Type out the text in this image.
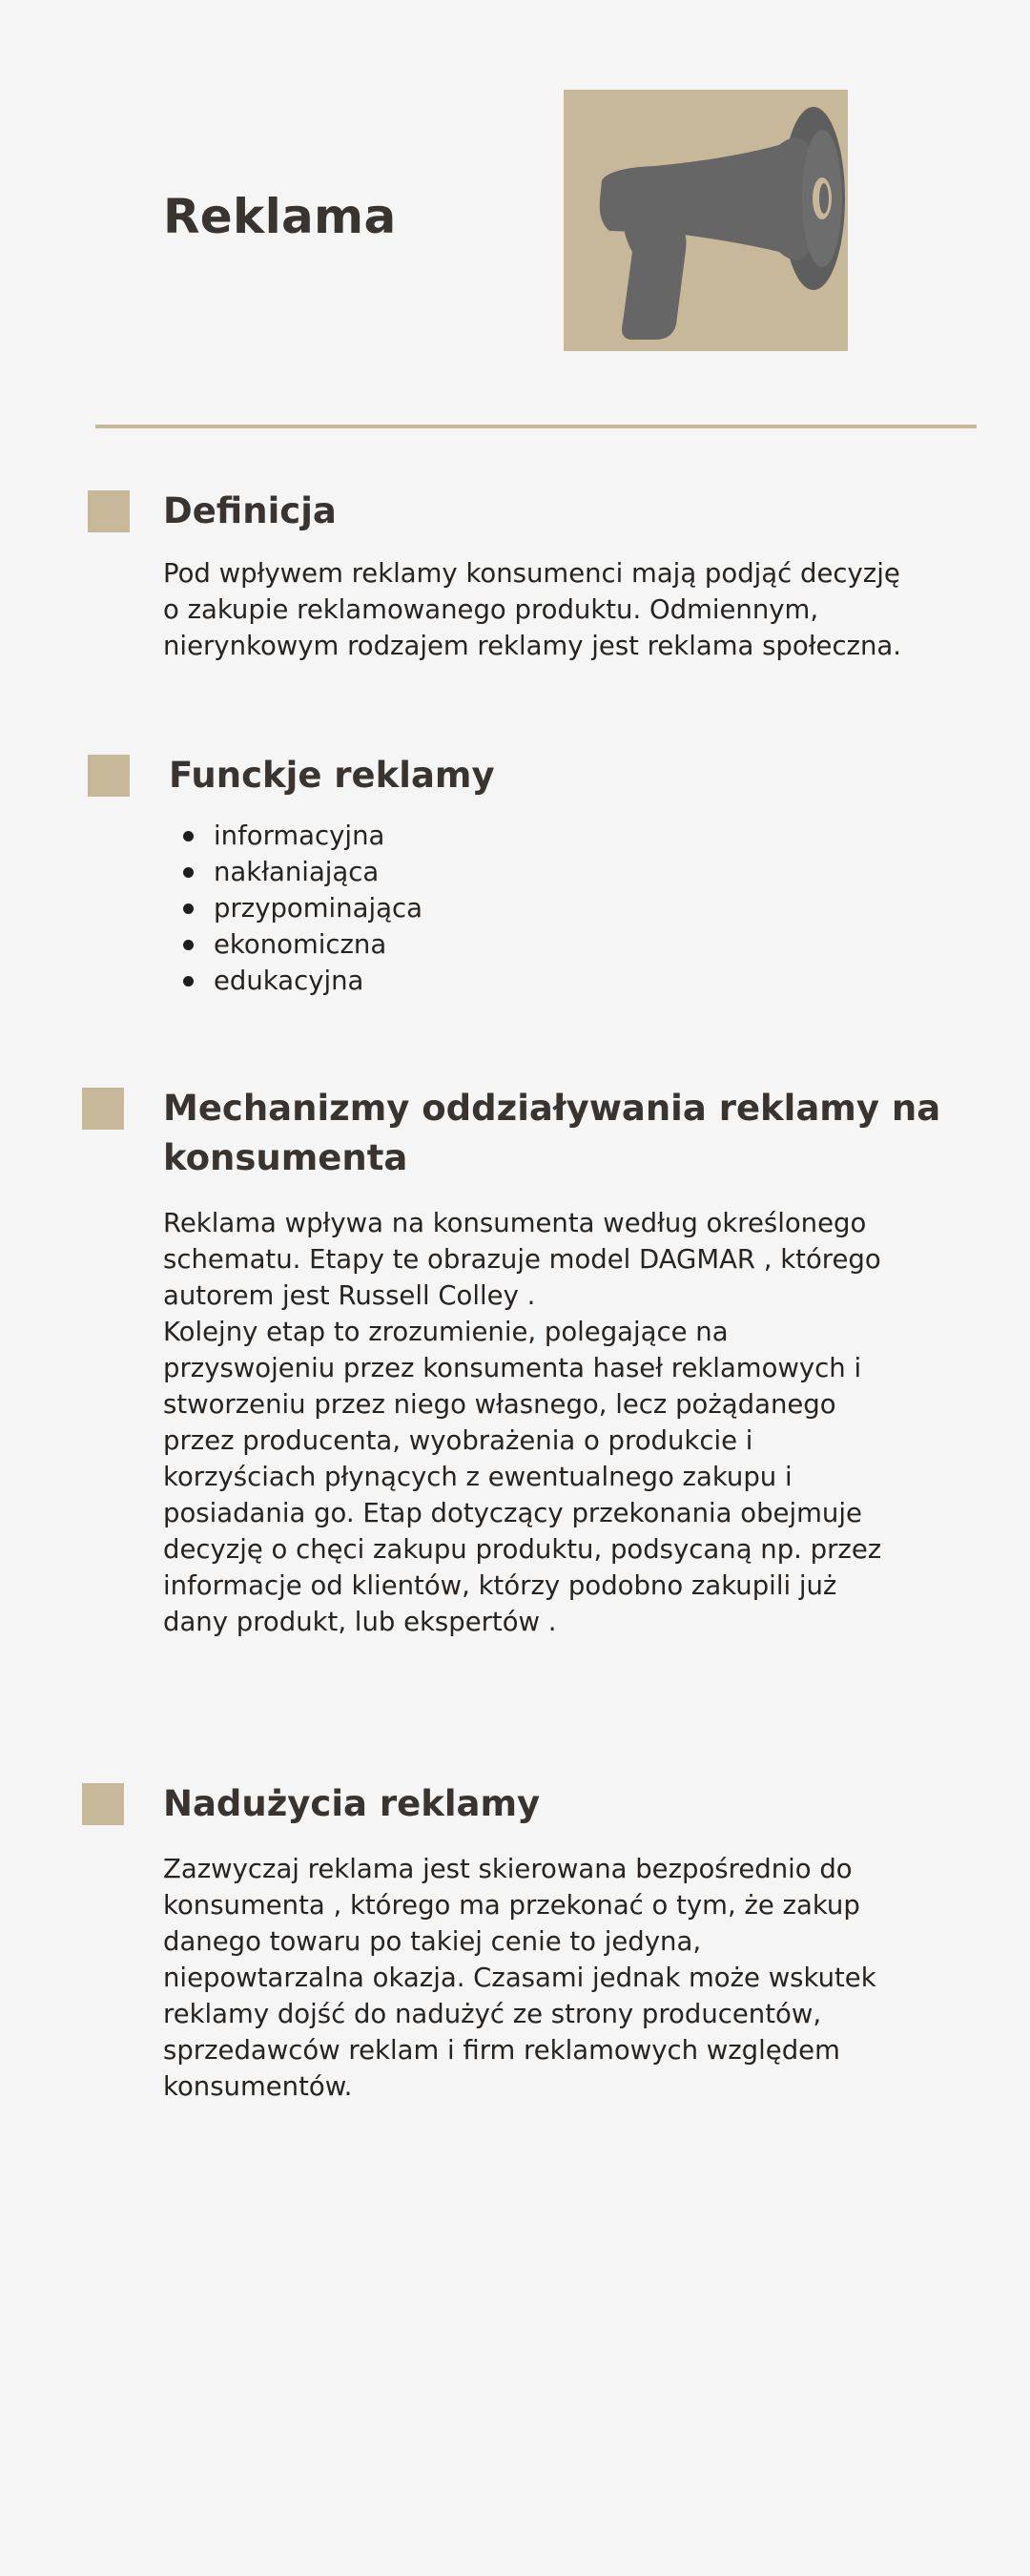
Reklama
Definicja

Pod wpływem reklamy konsumenci mają podjąć decyzję

o zakupie reklamowanego produktu. Odmiennym,

nierynkowym rodzajem reklamy jest reklama społeczna.

Funckje reklamy
informacyjna
nakłaniająca
przypominająca
ekonomiczna
edukacyjna
Mechanizmy oddziaływania reklamy na
konsumenta

Reklama wpływa na konsumenta według określonego

schematu. Etapy te obrazuje model DAGMAR , którego

autorem jest Russell Colley .

Kolejny etap to zrozumienie, polegające na

przyswojeniu przez konsumenta haseł reklamowych i

stworzeniu przez niego własnego, lecz pożądanego

przez producenta, wyobrażenia o produkcie i

korzyściach płynących z ewentualnego zakupu i

posiadania go. Etap dotyczący przekonania obejmuje

decyzję o chęci zakupu produktu, podsycaną np. przez

informacje od klientów, którzy podobno zakupili już

dany produkt, lub ekspertów .

Nadużycia reklamy

Zazwyczaj reklama jest skierowana bezpośrednio do

konsumenta , którego ma przekonać o tym, że zakup

danego towaru po takiej cenie to jedyna,

niepowtarzalna okazja. Czasami jednak może wskutek

reklamy dojść do nadużyć ze strony producentów,

sprzedawców reklam i firm reklamowych względem

konsumentów.
